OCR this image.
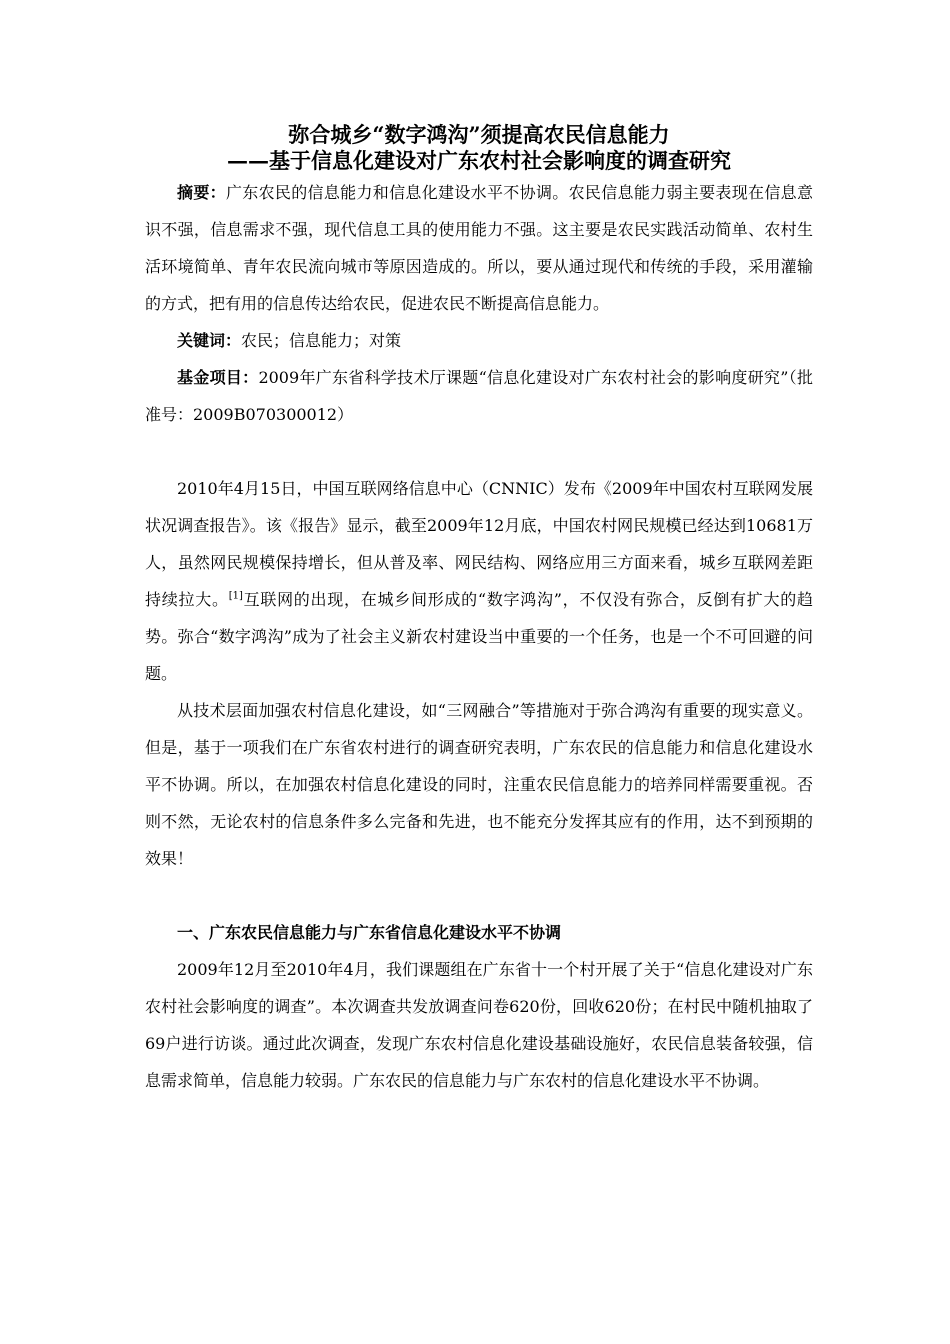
弥合城乡“数字鸿沟”须提高农民信息能力
——基于信息化建设对广东农村社会影响度的调查研究

摘要：广东农民的信息能力和信息化建设水平不协调。农民信息能力弱主要表现在信息意识不强，信息需求不强，现代信息工具的使用能力不强。这主要是农民实践活动简单、农村生活环境简单、青年农民流向城市等原因造成的。所以，要从通过现代和传统的手段，采用灌输的方式，把有用的信息传达给农民，促进农民不断提高信息能力。

关键词：农民；信息能力；对策

基金项目：2009年广东省科学技术厅课题“信息化建设对广东农村社会的影响度研究”（批准号：2009B070300012）

2010年4月15日，中国互联网络信息中心（CNNIC）发布《2009年中国农村互联网发展状况调查报告》。该《报告》显示，截至2009年12月底，中国农村网民规模已经达到10681万人，虽然网民规模保持增长，但从普及率、网民结构、网络应用三方面来看，城乡互联网差距持续拉大。[1]互联网的出现，在城乡间形成的“数字鸿沟”，不仅没有弥合，反倒有扩大的趋势。弥合“数字鸿沟”成为了社会主义新农村建设当中重要的一个任务，也是一个不可回避的问题。

从技术层面加强农村信息化建设，如“三网融合”等措施对于弥合鸿沟有重要的现实意义。但是，基于一项我们在广东省农村进行的调查研究表明，广东农民的信息能力和信息化建设水平不协调。所以，在加强农村信息化建设的同时，注重农民信息能力的培养同样需要重视。否则不然，无论农村的信息条件多么完备和先进，也不能充分发挥其应有的作用，达不到预期的效果！

一、广东农民信息能力与广东省信息化建设水平不协调

2009年12月至2010年4月，我们课题组在广东省十一个村开展了关于“信息化建设对广东农村社会影响度的调查”。本次调查共发放调查问卷620份，回收620份；在村民中随机抽取了69户进行访谈。通过此次调查，发现广东农村信息化建设基础设施好，农民信息装备较强，信息需求简单，信息能力较弱。广东农民的信息能力与广东农村的信息化建设水平不协调。
